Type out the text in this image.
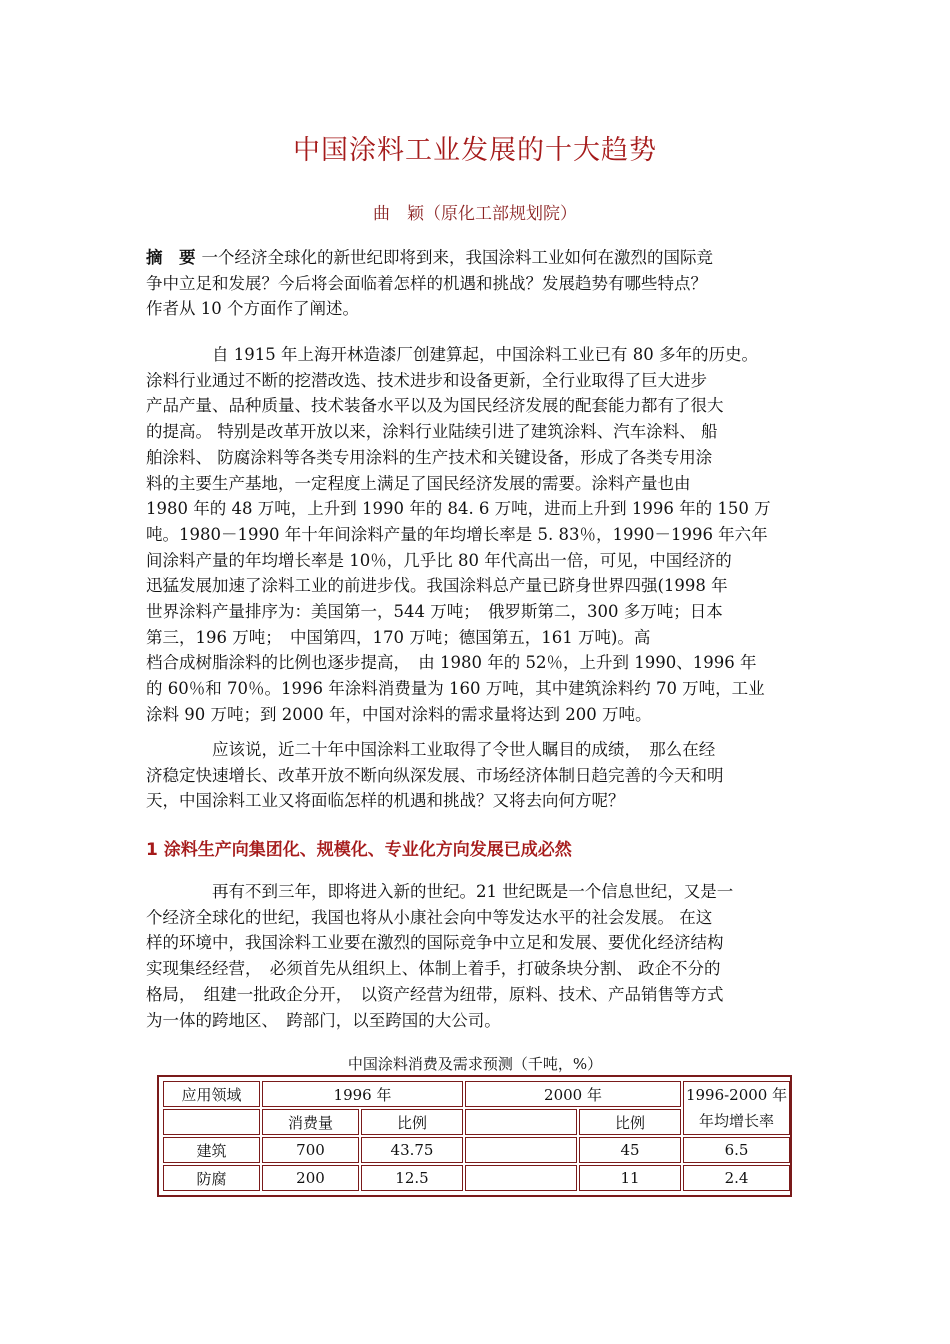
中国涂料工业发展的十大趋势
曲　颖（原化工部规划院）
摘　要 一个经济全球化的新世纪即将到来，我国涂料工业如何在激烈的国际竞
争中立足和发展？今后将会面临着怎样的机遇和挑战？发展趋势有哪些特点？
作者从 10 个方面作了阐述。
自 1915 年上海开林造漆厂创建算起，中国涂料工业已有 80 多年的历史。
涂料行业通过不断的挖潜改选、技术进步和设备更新，全行业取得了巨大进步
产品产量、品种质量、技术装备水平以及为国民经济发展的配套能力都有了很大
的提高。 特别是改革开放以来，涂料行业陆续引进了建筑涂料、汽车涂料、 船
舶涂料、 防腐涂料等各类专用涂料的生产技术和关键设备，形成了各类专用涂
料的主要生产基地，一定程度上满足了国民经济发展的需要。涂料产量也由
1980 年的 48 万吨，上升到 1990 年的 84. 6 万吨，进而上升到 1996 年的 150 万
吨。1980－1990 年十年间涂料产量的年均增长率是 5. 83％，1990－1996 年六年
间涂料产量的年均增长率是 10％，几乎比 80 年代高出一倍，可见，中国经济的
迅猛发展加速了涂料工业的前进步伐。我国涂料总产量已跻身世界四强(1998 年
世界涂料产量排序为：美国第一，544 万吨；　俄罗斯第二，300 多万吨；日本
第三，196 万吨；　中国第四，170 万吨；德国第五，161 万吨)。高
档合成树脂涂料的比例也逐步提高，　由 1980 年的 52％，上升到 1990、1996 年
的 60％和 70％。1996 年涂料消费量为 160 万吨，其中建筑涂料约 70 万吨，工业
涂料 90 万吨；到 2000 年，中国对涂料的需求量将达到 200 万吨。
应该说，近二十年中国涂料工业取得了令世人瞩目的成绩，　那么在经
济稳定快速增长、改革开放不断向纵深发展、市场经济体制日趋完善的今天和明
天，中国涂料工业又将面临怎样的机遇和挑战？又将去向何方呢？
1 涂料生产向集团化、规模化、专业化方向发展已成必然
再有不到三年，即将进入新的世纪。21 世纪既是一个信息世纪，又是一
个经济全球化的世纪，我国也将从小康社会向中等发达水平的社会发展。 在这
样的环境中，我国涂料工业要在激烈的国际竞争中立足和发展、要优化经济结构
实现集经经营，　必须首先从组织上、体制上着手，打破条块分割、 政企不分的
格局，　组建一批政企分开，　以资产经营为纽带，原料、技术、产品销售等方式
为一体的跨地区、　跨部门，以至跨国的大公司。
中国涂料消费及需求预测（千吨，%）
应用领域	1996 年		2000 年		1996-2000 年年均增长率
	消费量	比例		比例	
建筑	700	43.75		45	6.5
防腐	200	12.5		11	2.4
